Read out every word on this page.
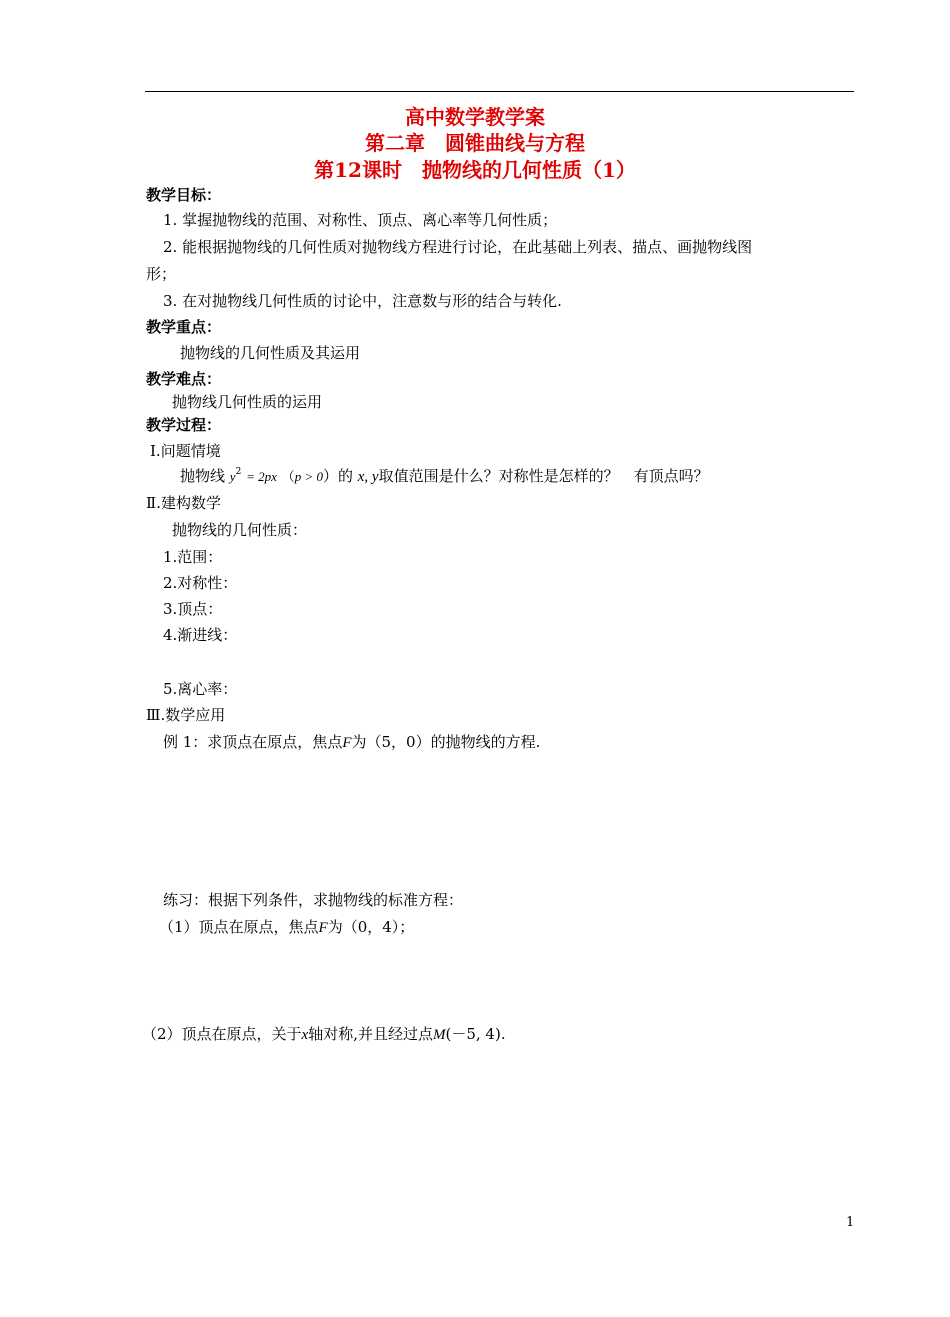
高中数学教学案
第二章　圆锥曲线与方程
第12课时　抛物线的几何性质（1）
教学目标：
1. 掌握抛物线的范围、对称性、顶点、离心率等几何性质；
2. 能根据抛物线的几何性质对抛物线方程进行讨论，在此基础上列表、描点、画抛物线图
形；
3. 在对抛物线几何性质的讨论中，注意数与形的结合与转化.
教学重点：
抛物线的几何性质及其运用
教学难点：
抛物线几何性质的运用
教学过程：
Ⅰ.问题情境
抛物线 $y^2 = 2px$ （p > 0）的 x, y取值范围是什么？对称性是怎样的？　有顶点吗？
Ⅱ.建构数学
抛物线的几何性质：
1.范围：
2.对称性：
3.顶点：
4.渐进线：
5.离心率：
Ⅲ.数学应用
例 1：求顶点在原点，焦点F为（5，0）的抛物线的方程.
练习：根据下列条件，求抛物线的标准方程：
（1）顶点在原点，焦点F为（0，4）；
（2）顶点在原点，关于x轴对称,并且经过点M(－5, 4).
1
